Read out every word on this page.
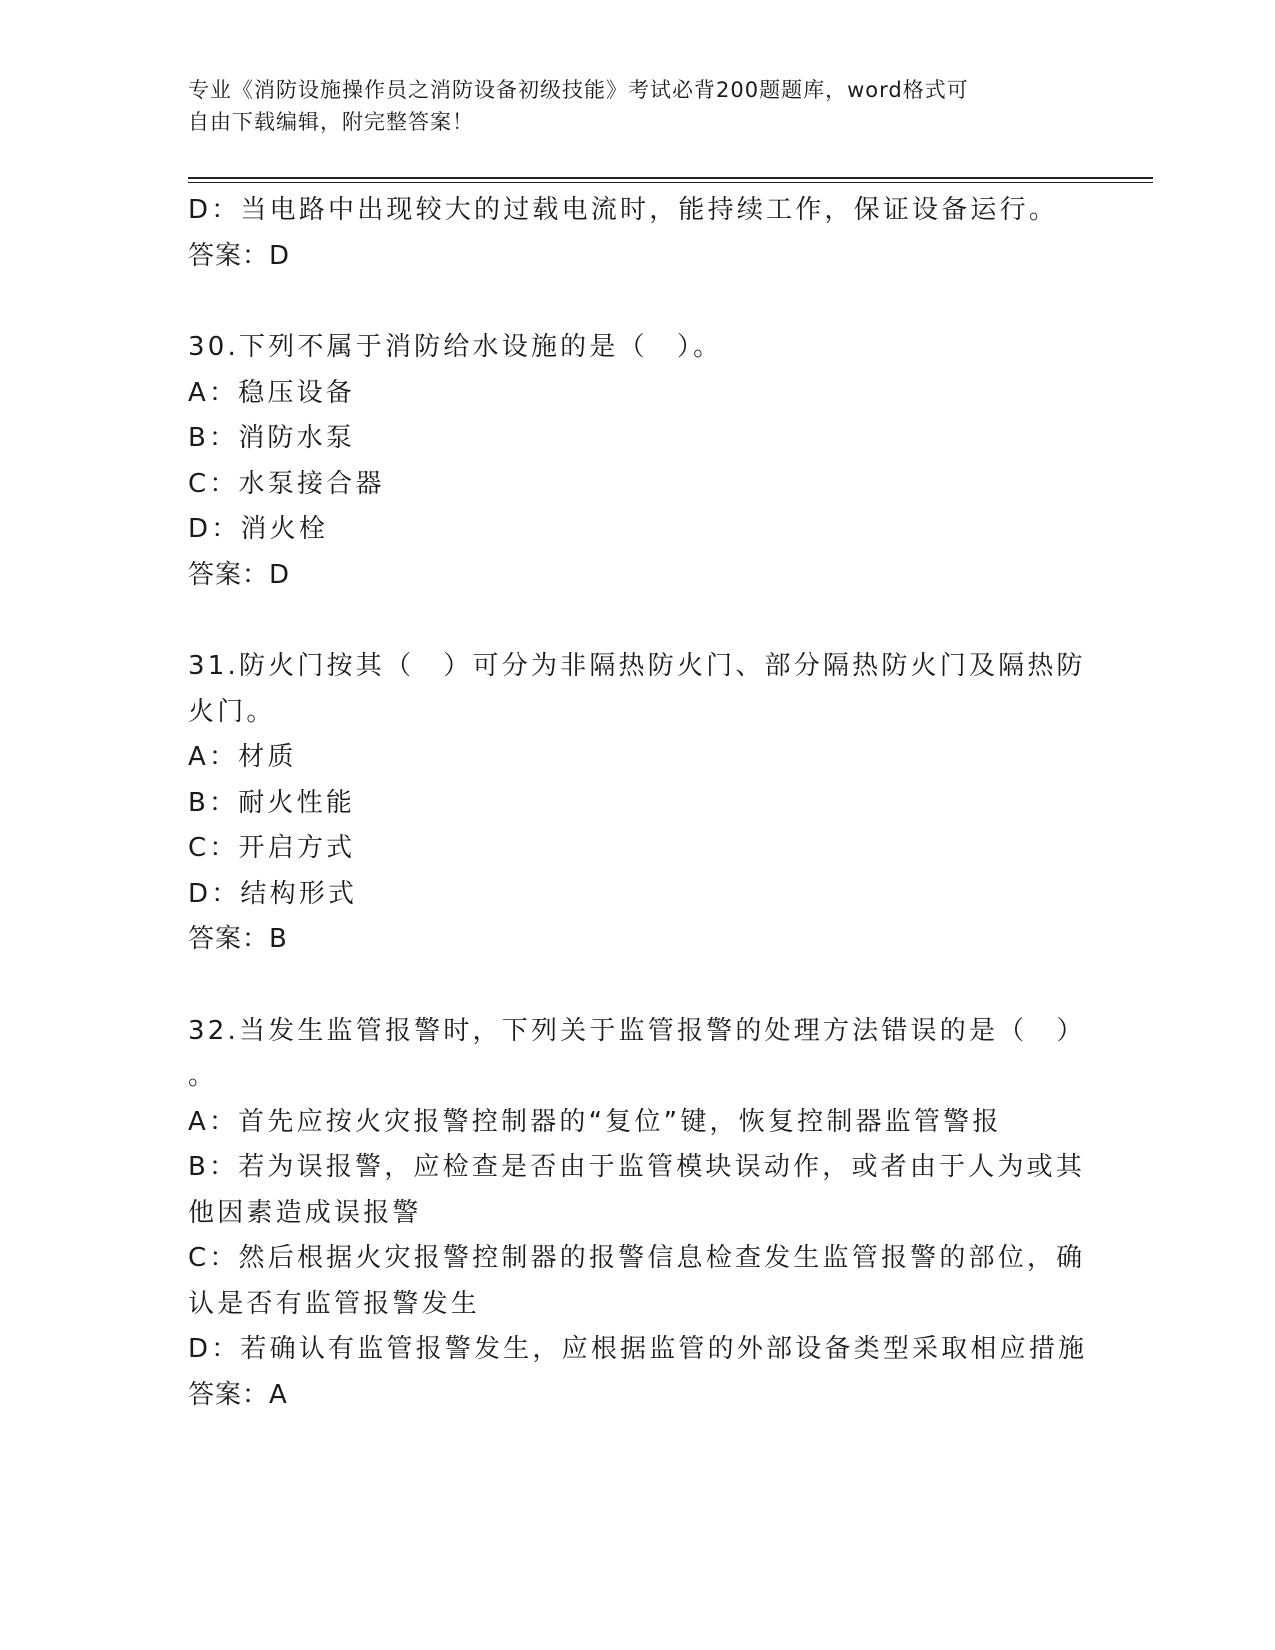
专业《消防设施操作员之消防设备初级技能》考试必背200题题库，word格式可
自由下载编辑，附完整答案！

D：当电路中出现较大的过载电流时，能持续工作，保证设备运行。

答案：D

30.下列不属于消防给水设施的是（　）。

A：稳压设备

B：消防水泵

C：水泵接合器

D：消火栓

答案：D

31.防火门按其（　）可分为非隔热防火门、部分隔热防火门及隔热防

火门。

A：材质

B：耐火性能

C：开启方式

D：结构形式

答案：B

32.当发生监管报警时，下列关于监管报警的处理方法错误的是（　）

。

A：首先应按火灾报警控制器的“复位”键，恢复控制器监管警报

B：若为误报警，应检查是否由于监管模块误动作，或者由于人为或其

他因素造成误报警

C：然后根据火灾报警控制器的报警信息检查发生监管报警的部位，确

认是否有监管报警发生

D：若确认有监管报警发生，应根据监管的外部设备类型采取相应措施

答案：A
